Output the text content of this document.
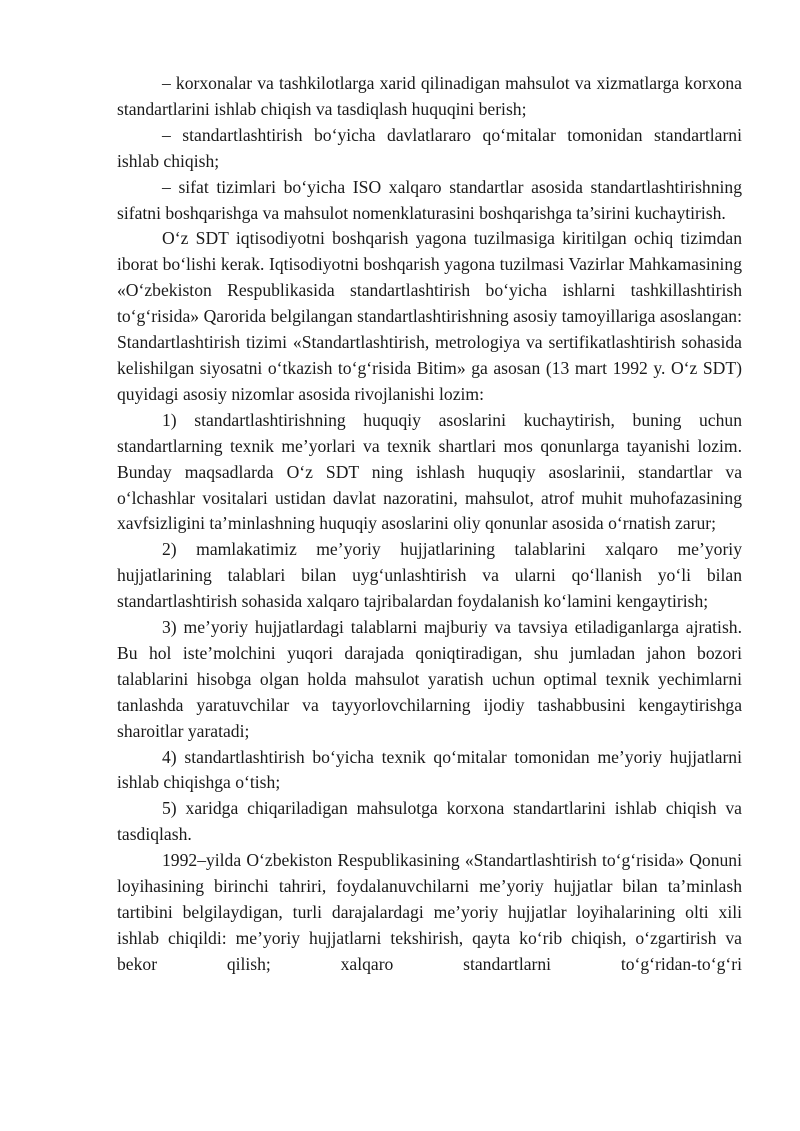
– korxonalar va tashkilotlarga xarid qilinadigan mahsulot va xizmatlarga korxona standartlarini ishlab chiqish va tasdiqlash huquqini berish;

– standartlashtirish bo‘yicha davlatlararo qo‘mitalar tomonidan standartlarni ishlab chiqish;

– sifat tizimlari bo‘yicha ISO xalqaro standartlar asosida standartlashtirishning sifatni boshqarishga va mahsulot nomenklaturasini boshqarishga ta’sirini kuchaytirish.

O‘z SDT iqtisodiyotni boshqarish yagona tuzilmasiga kiritilgan ochiq tizimdan iborat bo‘lishi kerak. Iqtisodiyotni boshqarish yagona tuzilmasi Vazirlar Mahkamasining «O‘zbekiston Respublikasida standartlashtirish bo‘yicha ishlarni tashkillashtirish to‘g‘risida» Qarorida belgilangan standartlashtirishning asosiy tamoyillariga asoslangan: Standartlashtirish tizimi «Standartlashtirish, metrologiya va sertifikatlashtirish sohasida kelishilgan siyosatni o‘tkazish to‘g‘risida Bitim» ga asosan (13 mart 1992 y. O‘z SDT) quyidagi asosiy nizomlar asosida rivojlanishi lozim:

1) standartlashtirishning huquqiy asoslarini kuchaytirish, buning uchun standartlarning texnik me’yorlari va texnik shartlari mos qonunlarga tayanishi lozim. Bunday maqsadlarda O‘z SDT ning ishlash huquqiy asoslarinii, standartlar va o‘lchashlar vositalari ustidan davlat nazoratini, mahsulot, atrof muhit muhofazasining xavfsizligini ta’minlashning huquqiy asoslarini oliy qonunlar asosida o‘rnatish zarur;

2) mamlakatimiz me’yoriy hujjatlarining talablarini xalqaro me’yoriy hujjatlarining talablari bilan uyg‘unlashtirish va ularni qo‘llanish yo‘li bilan standartlashtirish sohasida xalqaro tajribalardan foydalanish ko‘lamini kengaytirish;

3) me’yoriy hujjatlardagi talablarni majburiy va tavsiya etiladiganlarga ajratish. Bu hol iste’molchini yuqori darajada qoniqtiradigan, shu jumladan jahon bozori talablarini hisobga olgan holda mahsulot yaratish uchun optimal texnik yechimlarni tanlashda yaratuvchilar va tayyorlovchilarning ijodiy tashabbusini kengaytirishga sharoitlar yaratadi;

4) standartlashtirish bo‘yicha texnik qo‘mitalar tomonidan me’yoriy hujjatlarni ishlab chiqishga o‘tish;

5) xaridga chiqariladigan mahsulotga korxona standartlarini ishlab chiqish va tasdiqlash.

1992–yilda O‘zbekiston Respublikasining «Standartlashtirish to‘g‘risida» Qonuni loyihasining birinchi tahriri, foydalanuvchilarni me’yoriy hujjatlar bilan ta’minlash tartibini belgilaydigan, turli darajalardagi me’yoriy hujjatlar loyihalarining olti xili ishlab chiqildi: me’yoriy hujjatlarni tekshirish, qayta ko‘rib chiqish, o‘zgartirish va bekor qilish; xalqaro standartlarni to‘g‘ridan-to‘g‘ri
